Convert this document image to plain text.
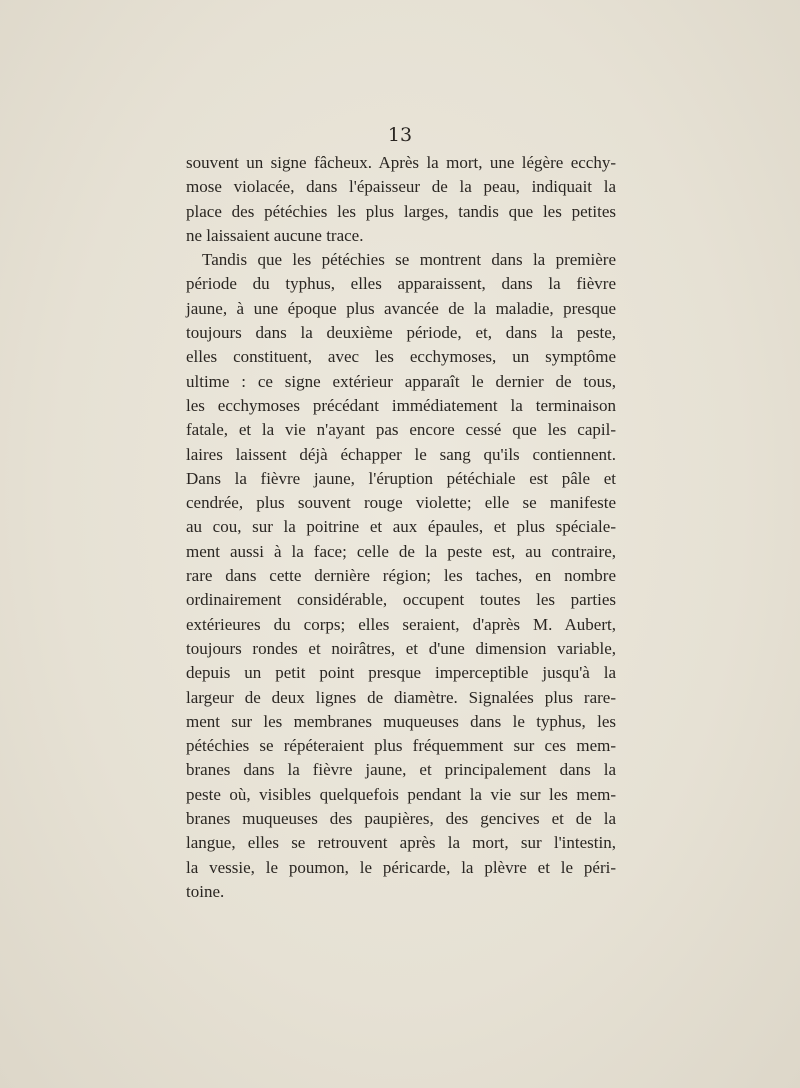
13
souvent un signe fâcheux. Après la mort, une légère ecchy-
mose violacée, dans l'épaisseur de la peau, indiquait la
place des pétéchies les plus larges, tandis que les petites
ne laissaient aucune trace.
Tandis que les pétéchies se montrent dans la première
période du typhus, elles apparaissent, dans la fièvre
jaune, à une époque plus avancée de la maladie, presque
toujours dans la deuxième période, et, dans la peste,
elles constituent, avec les ecchymoses, un symptôme
ultime : ce signe extérieur apparaît le dernier de tous,
les ecchymoses précédant immédiatement la terminaison
fatale, et la vie n'ayant pas encore cessé que les capil-
laires laissent déjà échapper le sang qu'ils contiennent.
Dans la fièvre jaune, l'éruption pétéchiale est pâle et
cendrée, plus souvent rouge violette; elle se manifeste
au cou, sur la poitrine et aux épaules, et plus spéciale-
ment aussi à la face; celle de la peste est, au contraire,
rare dans cette dernière région; les taches, en nombre
ordinairement considérable, occupent toutes les parties
extérieures du corps; elles seraient, d'après M. Aubert,
toujours rondes et noirâtres, et d'une dimension variable,
depuis un petit point presque imperceptible jusqu'à la
largeur de deux lignes de diamètre. Signalées plus rare-
ment sur les membranes muqueuses dans le typhus, les
pétéchies se répéteraient plus fréquemment sur ces mem-
branes dans la fièvre jaune, et principalement dans la
peste où, visibles quelquefois pendant la vie sur les mem-
branes muqueuses des paupières, des gencives et de la
langue, elles se retrouvent après la mort, sur l'intestin,
la vessie, le poumon, le péricarde, la plèvre et le péri-
toine.
